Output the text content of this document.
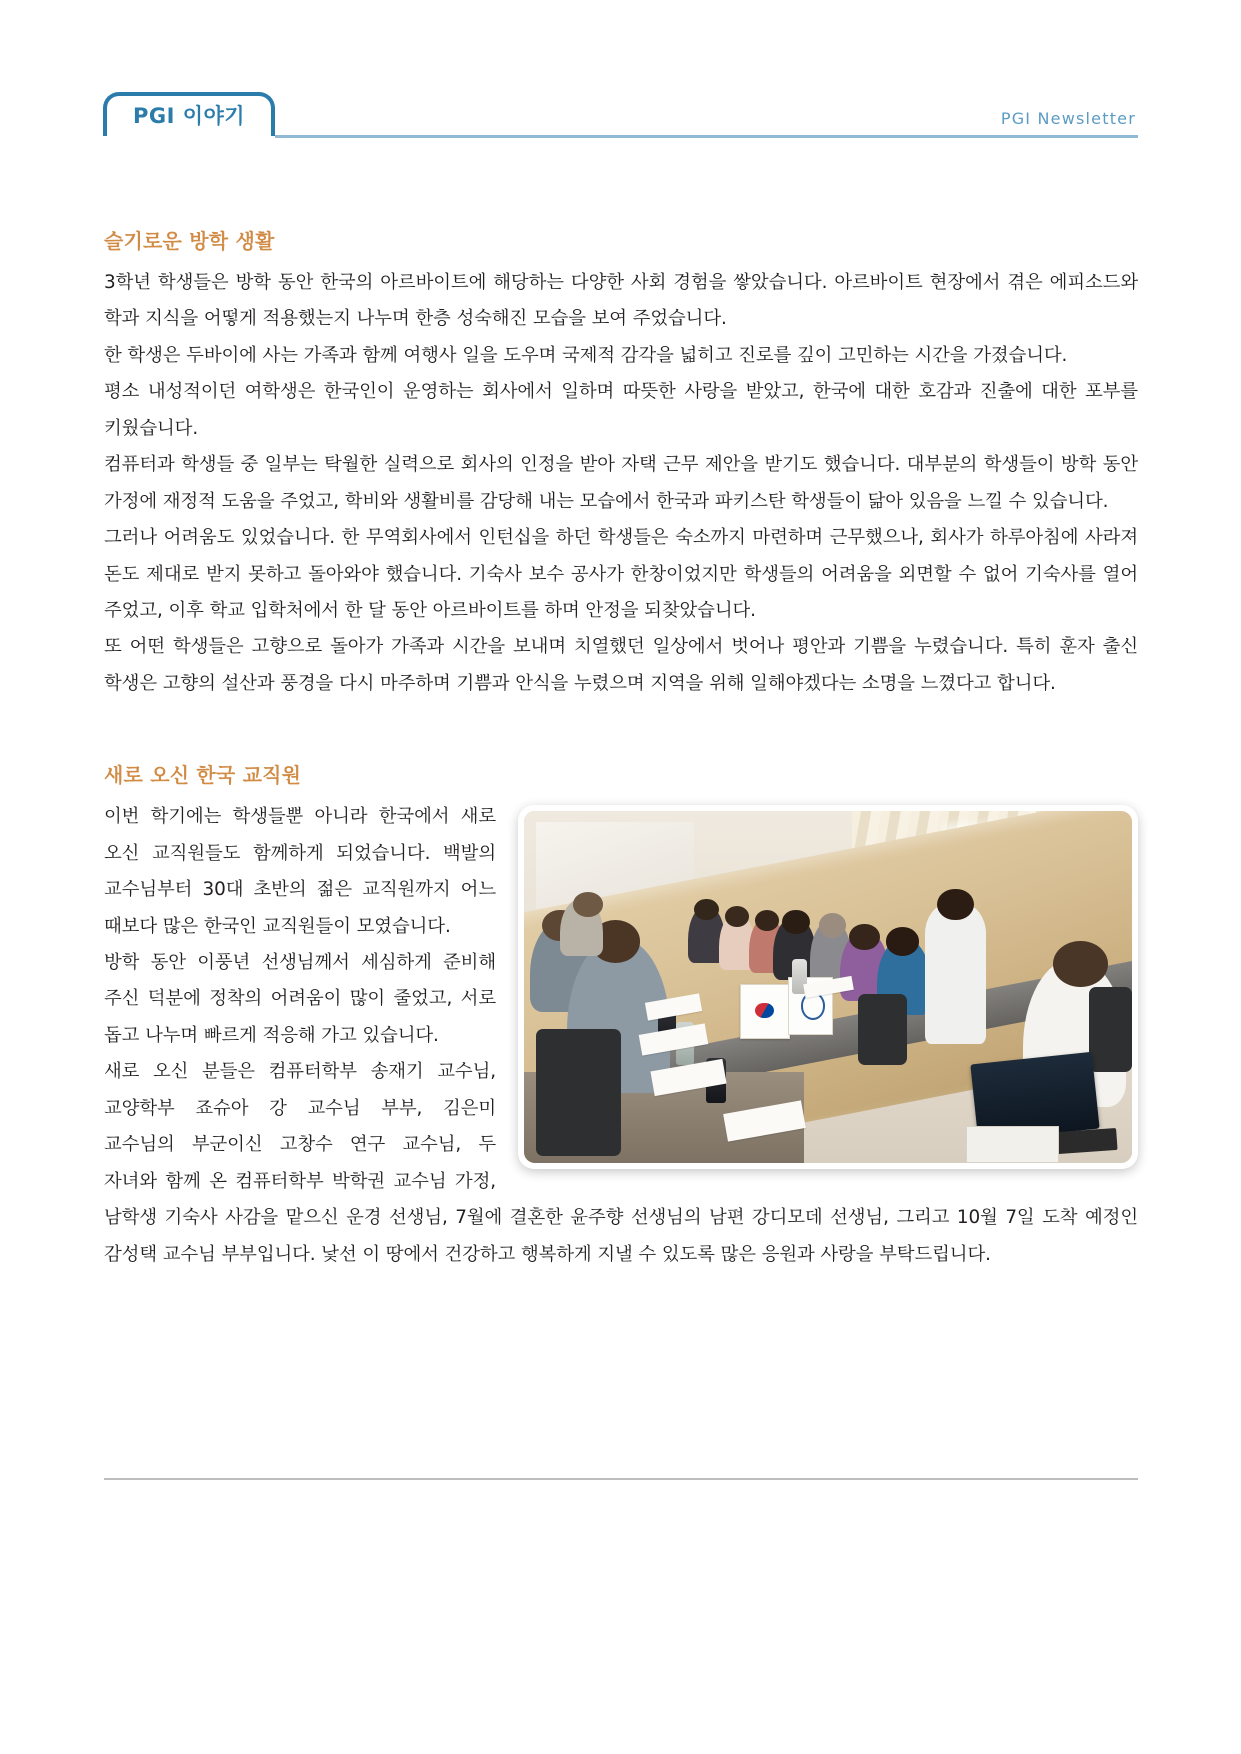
PGI 이야기	PGI Newsletter
슬기로운 방학 생활

3학년 학생들은 방학 동안 한국의 아르바이트에 해당하는 다양한 사회 경험을 쌓았습니다. 아르바이트 현장에서 겪은 에피소드와 학과 지식을 어떻게 적용했는지 나누며 한층 성숙해진 모습을 보여 주었습니다.

한 학생은 두바이에 사는 가족과 함께 여행사 일을 도우며 국제적 감각을 넓히고 진로를 깊이 고민하는 시간을 가졌습니다.

평소 내성적이던 여학생은 한국인이 운영하는 회사에서 일하며 따뜻한 사랑을 받았고, 한국에 대한 호감과 진출에 대한 포부를 키웠습니다.

컴퓨터과 학생들 중 일부는 탁월한 실력으로 회사의 인정을 받아 자택 근무 제안을 받기도 했습니다. 대부분의 학생들이 방학 동안 가정에 재정적 도움을 주었고, 학비와 생활비를 감당해 내는 모습에서 한국과 파키스탄 학생들이 닮아 있음을 느낄 수 있습니다.

그러나 어려움도 있었습니다. 한 무역회사에서 인턴십을 하던 학생들은 숙소까지 마련하며 근무했으나, 회사가 하루아침에 사라져 돈도 제대로 받지 못하고 돌아와야 했습니다. 기숙사 보수 공사가 한창이었지만 학생들의 어려움을 외면할 수 없어 기숙사를 열어 주었고, 이후 학교 입학처에서 한 달 동안 아르바이트를 하며 안정을 되찾았습니다.

또 어떤 학생들은 고향으로 돌아가 가족과 시간을 보내며 치열했던 일상에서 벗어나 평안과 기쁨을 누렸습니다. 특히 훈자 출신 학생은 고향의 설산과 풍경을 다시 마주하며 기쁨과 안식을 누렸으며 지역을 위해 일해야겠다는 소명을 느꼈다고 합니다.

새로 오신 한국 교직원

이번 학기에는 학생들뿐 아니라 한국에서 새로 오신 교직원들도 함께하게 되었습니다. 백발의 교수님부터 30대 초반의 젊은 교직원까지 어느 때보다 많은 한국인 교직원들이 모였습니다.

방학 동안 이풍년 선생님께서 세심하게 준비해 주신 덕분에 정착의 어려움이 많이 줄었고, 서로 돕고 나누며 빠르게 적응해 가고 있습니다.

새로 오신 분들은 컴퓨터학부 송재기 교수님, 교양학부 죠슈아 강 교수님 부부, 김은미 교수님의 부군이신 고창수 연구 교수님, 두 자녀와 함께 온 컴퓨터학부 박학권 교수님 가정, 남학생 기숙사 사감을 맡으신 운경 선생님, 7월에 결혼한 윤주향 선생님의 남편 강디모데 선생님, 그리고 10월 7일 도착 예정인 감성택 교수님 부부입니다. 낯선 이 땅에서 건강하고 행복하게 지낼 수 있도록 많은 응원과 사랑을 부탁드립니다.
